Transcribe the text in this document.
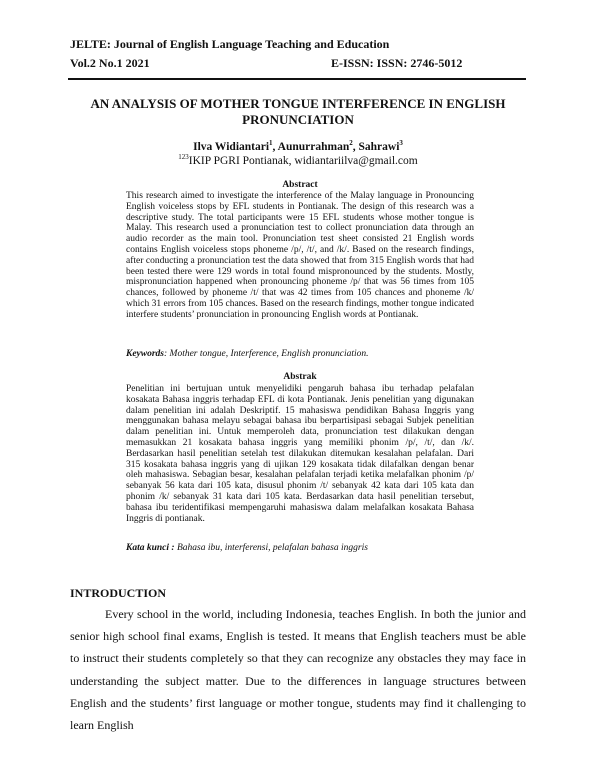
JELTE: Journal of English Language Teaching and Education
Vol.2 No.1 2021	E-ISSN: ISSN: 2746-5012
AN ANALYSIS OF MOTHER TONGUE INTERFERENCE IN ENGLISH PRONUNCIATION
Ilva Widiantari$^1$, Aunurrahman$^2$, Sahrawi$^3$
$^{123}$IKIP PGRI Pontianak, widiantariilva@gmail.com
Abstract

This research aimed to investigate the interference of the Malay language in Pronouncing English voiceless stops by EFL students in Pontianak. The design of this research was a descriptive study. The total participants were 15 EFL students whose mother tongue is Malay. This research used a pronunciation test to collect pronunciation data through an audio recorder as the main tool. Pronunciation test sheet consisted 21 English words contains English voiceless stops phoneme /p/, /t/, and /k/. Based on the research findings, after conducting a pronunciation test the data showed that from 315 English words that had been tested there were 129 words in total found mispronounced by the students. Mostly, mispronunciation happened when pronouncing phoneme /p/ that was 56 times from 105 chances, followed by phoneme /t/ that was 42 times from 105 chances and phoneme /k/ which 31 errors from 105 chances. Based on the research findings, mother tongue indicated interfere students’ pronunciation in pronouncing English words at Pontianak.

Keywords: Mother tongue, Interference, English pronunciation.
Abstrak

Penelitian ini bertujuan untuk menyelidiki pengaruh bahasa ibu terhadap pelafalan kosakata Bahasa inggris terhadap EFL di kota Pontianak. Jenis penelitian yang digunakan dalam penelitian ini adalah Deskriptif. 15 mahasiswa pendidikan Bahasa Inggris yang menggunakan bahasa melayu sebagai bahasa ibu berpartisipasi sebagai Subjek penelitian dalam penelitian ini. Untuk memperoleh data, pronunciation test dilakukan dengan memasukkan 21 kosakata bahasa inggris yang memiliki phonim /p/, /t/, dan /k/. Berdasarkan hasil penelitian setelah test dilakukan ditemukan kesalahan pelafalan. Dari 315 kosakata bahasa inggris yang di ujikan 129 kosakata tidak dilafalkan dengan benar oleh mahasiswa. Sebagian besar, kesalahan pelafalan terjadi ketika melafalkan phonim /p/ sebanyak 56 kata dari 105 kata, disusul phonim /t/ sebanyak 42 kata dari 105 kata dan phonim /k/ sebanyak 31 kata dari 105 kata. Berdasarkan data hasil penelitian tersebut, bahasa ibu teridentifikasi mempengaruhi mahasiswa dalam melafalkan kosakata Bahasa Inggris di pontianak.

Kata kunci : Bahasa ibu, interferensi, pelafalan bahasa inggris
INTRODUCTION

Every school in the world, including Indonesia, teaches English. In both the junior and senior high school final exams, English is tested. It means that English teachers must be able to instruct their students completely so that they can recognize any obstacles they may face in understanding the subject matter. Due to the differences in language structures between English and the students’ first language or mother tongue, students may find it challenging to learn English
